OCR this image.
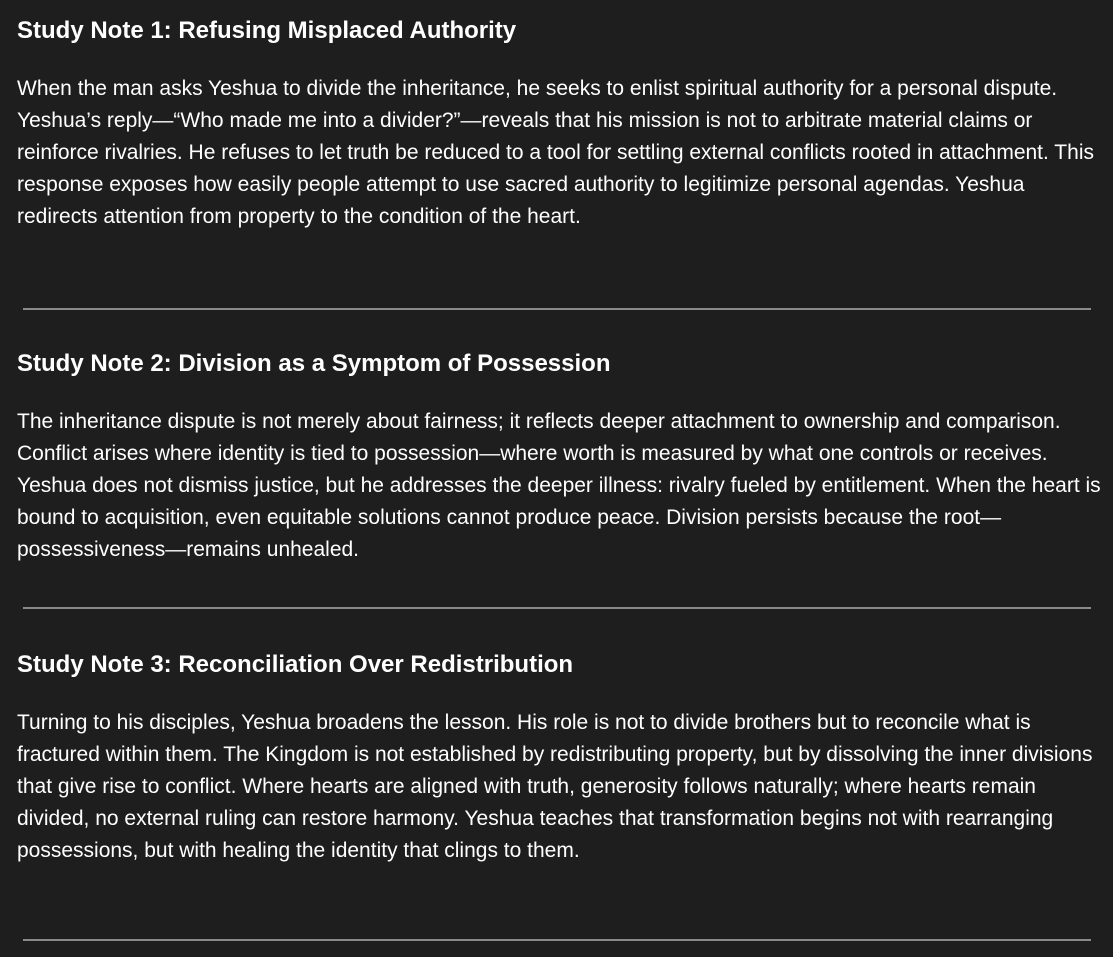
Study Note 1: Refusing Misplaced Authority

When the man asks Yeshua to divide the inheritance, he seeks to enlist spiritual authority for a personal dispute. Yeshua’s reply—“Who made me into a divider?”—reveals that his mission is not to arbitrate material claims or reinforce rivalries. He refuses to let truth be reduced to a tool for settling external conflicts rooted in attachment. This response exposes how easily people attempt to use sacred authority to legitimize personal agendas. Yeshua redirects attention from property to the condition of the heart.

Study Note 2: Division as a Symptom of Possession

The inheritance dispute is not merely about fairness; it reflects deeper attachment to ownership and comparison. Conflict arises where identity is tied to possession—where worth is measured by what one controls or receives. Yeshua does not dismiss justice, but he addresses the deeper illness: rivalry fueled by entitlement. When the heart is bound to acquisition, even equitable solutions cannot produce peace. Division persists because the root—possessiveness—remains unhealed.

Study Note 3: Reconciliation Over Redistribution

Turning to his disciples, Yeshua broadens the lesson. His role is not to divide brothers but to reconcile what is fractured within them. The Kingdom is not established by redistributing property, but by dissolving the inner divisions that give rise to conflict. Where hearts are aligned with truth, generosity follows naturally; where hearts remain divided, no external ruling can restore harmony. Yeshua teaches that transformation begins not with rearranging possessions, but with healing the identity that clings to them.
